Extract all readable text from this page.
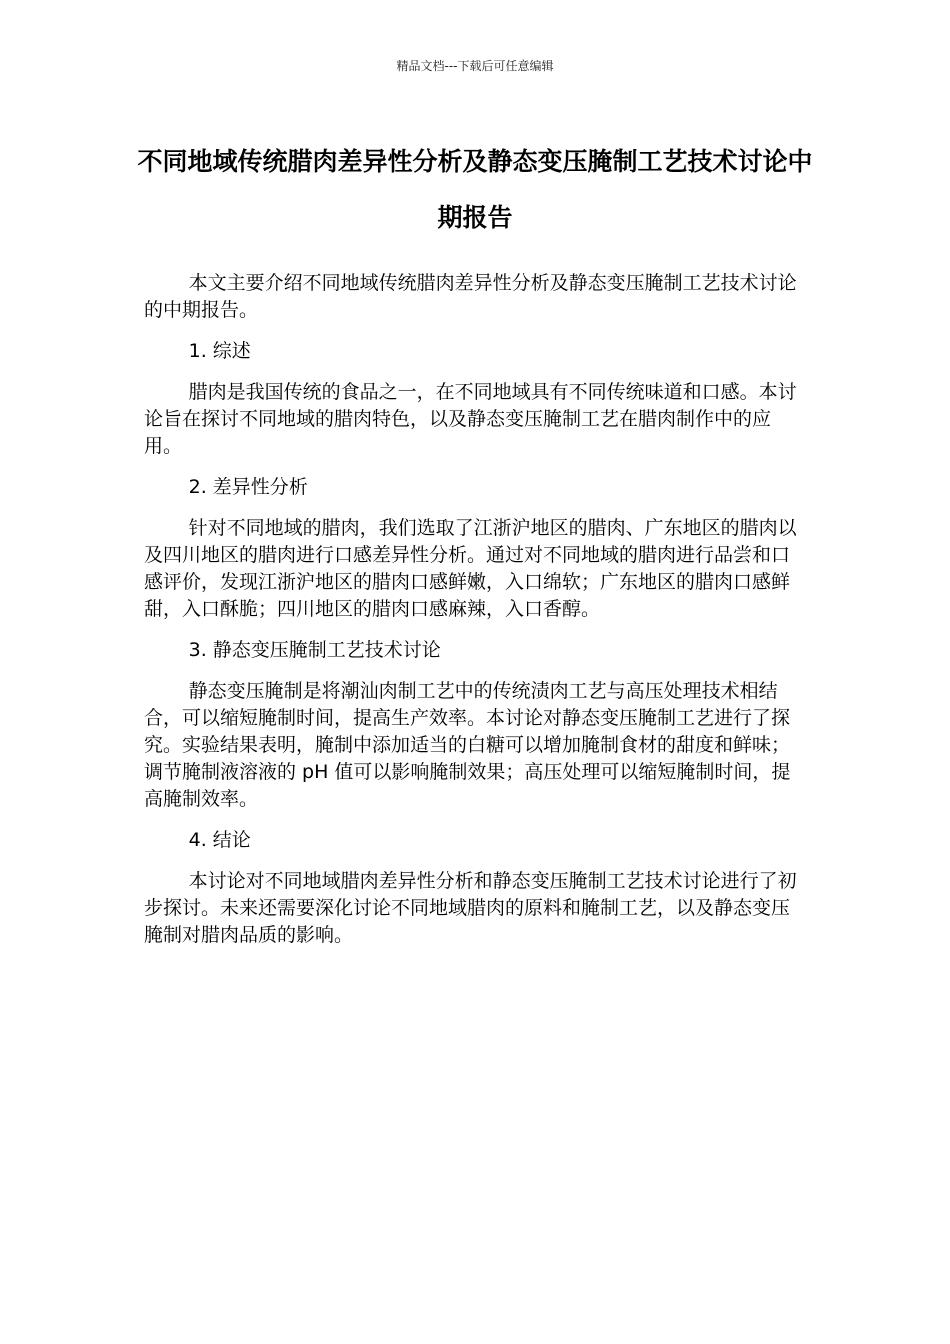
精品文档---下载后可任意编辑
不同地域传统腊肉差异性分析及静态变压腌制工艺技术讨论中期报告

本文主要介绍不同地域传统腊肉差异性分析及静态变压腌制工艺技术讨论的中期报告。

1. 综述

腊肉是我国传统的食品之一，在不同地域具有不同传统味道和口感。本讨论旨在探讨不同地域的腊肉特色，以及静态变压腌制工艺在腊肉制作中的应用。

2. 差异性分析

针对不同地域的腊肉，我们选取了江浙沪地区的腊肉、广东地区的腊肉以及四川地区的腊肉进行口感差异性分析。通过对不同地域的腊肉进行品尝和口感评价，发现江浙沪地区的腊肉口感鲜嫩，入口绵软；广东地区的腊肉口感鲜甜，入口酥脆；四川地区的腊肉口感麻辣，入口香醇。

3. 静态变压腌制工艺技术讨论

静态变压腌制是将潮汕肉制工艺中的传统渍肉工艺与高压处理技术相结合，可以缩短腌制时间，提高生产效率。本讨论对静态变压腌制工艺进行了探究。实验结果表明，腌制中添加适当的白糖可以增加腌制食材的甜度和鲜味；调节腌制液溶液的 pH 值可以影响腌制效果；高压处理可以缩短腌制时间，提高腌制效率。

4. 结论

本讨论对不同地域腊肉差异性分析和静态变压腌制工艺技术讨论进行了初步探讨。未来还需要深化讨论不同地域腊肉的原料和腌制工艺，以及静态变压腌制对腊肉品质的影响。
